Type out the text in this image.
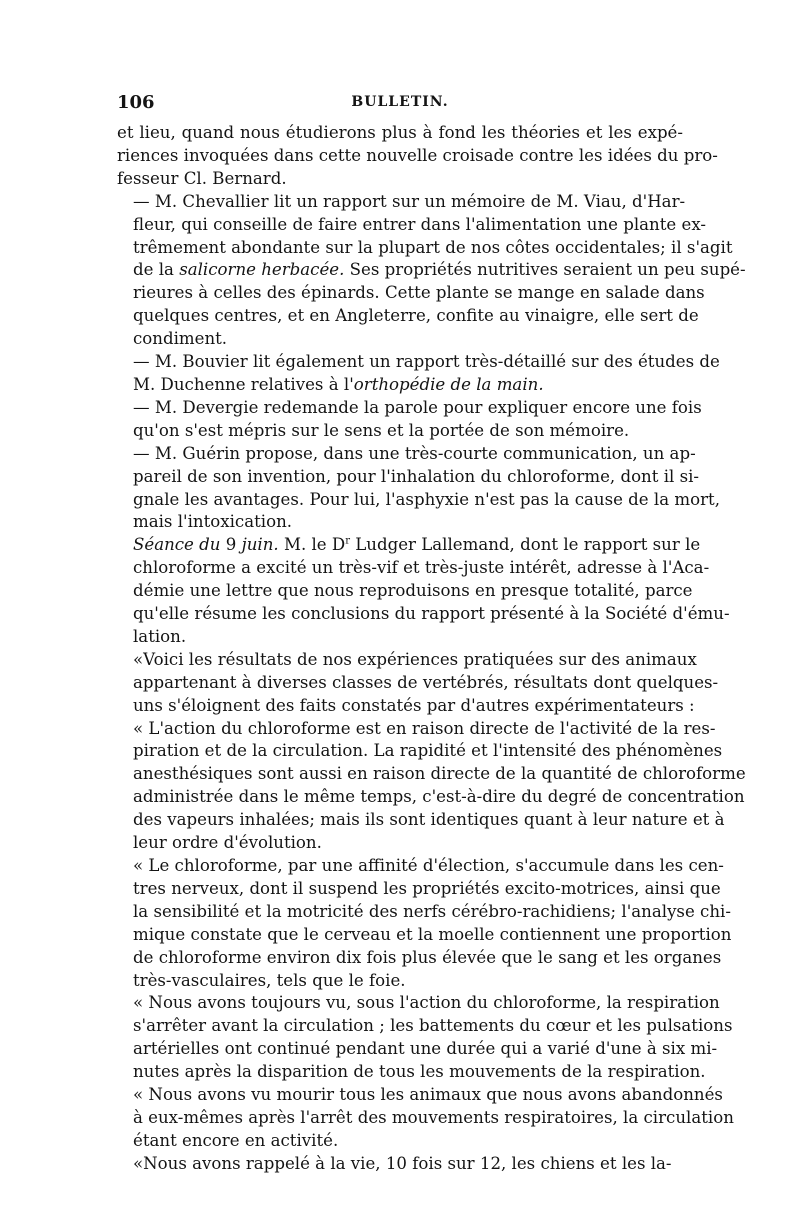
106	BULLETIN.
et lieu, quand nous étudierons plus à fond les théories et les expé-
riences invoquées dans cette nouvelle croisade contre les idées du pro-
fesseur Cl. Bernard.
— M. Chevallier lit un rapport sur un mémoire de M. Viau, d'Har-
fleur, qui conseille de faire entrer dans l'alimentation une plante ex-
trêmement abondante sur la plupart de nos côtes occidentales; il s'agit
de la salicorne herbacée. Ses propriétés nutritives seraient un peu supé-
rieures à celles des épinards. Cette plante se mange en salade dans
quelques centres, et en Angleterre, confite au vinaigre, elle sert de
condiment.
— M. Bouvier lit également un rapport très-détaillé sur des études de
M. Duchenne relatives à l'orthopédie de la main.
— M. Devergie redemande la parole pour expliquer encore une fois
qu'on s'est mépris sur le sens et la portée de son mémoire.
— M. Guérin propose, dans une très-courte communication, un ap-
pareil de son invention, pour l'inhalation du chloroforme, dont il si-
gnale les avantages. Pour lui, l'asphyxie n'est pas la cause de la mort,
mais l'intoxication.
Séance du 9 juin. M. le $D^r$ Ludger Lallemand, dont le rapport sur le
chloroforme a excité un très-vif et très-juste intérêt, adresse à l'Aca-
démie une lettre que nous reproduisons en presque totalité, parce
qu'elle résume les conclusions du rapport présenté à la Société d'ému-
lation.
«Voici les résultats de nos expériences pratiquées sur des animaux
appartenant à diverses classes de vertébrés, résultats dont quelques-
uns s'éloignent des faits constatés par d'autres expérimentateurs :
« L'action du chloroforme est en raison directe de l'activité de la res-
piration et de la circulation. La rapidité et l'intensité des phénomènes
anesthésiques sont aussi en raison directe de la quantité de chloroforme
administrée dans le même temps, c'est-à-dire du degré de concentration
des vapeurs inhalées; mais ils sont identiques quant à leur nature et à
leur ordre d'évolution.
« Le chloroforme, par une affinité d'élection, s'accumule dans les cen-
tres nerveux, dont il suspend les propriétés excito-motrices, ainsi que
la sensibilité et la motricité des nerfs cérébro-rachidiens; l'analyse chi-
mique constate que le cerveau et la moelle contiennent une proportion
de chloroforme environ dix fois plus élevée que le sang et les organes
très-vasculaires, tels que le foie.
« Nous avons toujours vu, sous l'action du chloroforme, la respiration
s'arrêter avant la circulation ; les battements du cœur et les pulsations
artérielles ont continué pendant une durée qui a varié d'une à six mi-
nutes après la disparition de tous les mouvements de la respiration.
« Nous avons vu mourir tous les animaux que nous avons abandonnés
à eux-mêmes après l'arrêt des mouvements respiratoires, la circulation
étant encore en activité.
«Nous avons rappelé à la vie, 10 fois sur 12, les chiens et les la-
